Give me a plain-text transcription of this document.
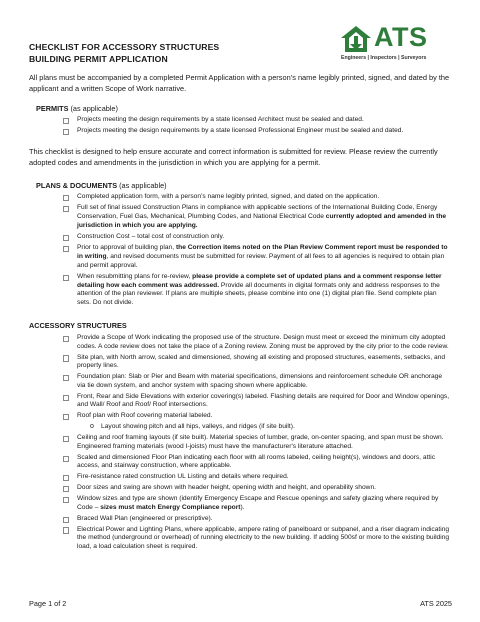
CHECKLIST FOR ACCESSORY STRUCTURES
BUILDING PERMIT APPLICATION
ATS
Engineers | Inspectors | Surveyors
All plans must be accompanied by a completed Permit Application with a person’s name legibly printed, signed, and dated by the applicant and a written Scope of Work narrative.
PERMITS (as applicable)
Projects meeting the design requirements by a state licensed Architect must be sealed and dated.
Projects meeting the design requirements by a state licensed Professional Engineer must be sealed and dated.
This checklist is designed to help ensure accurate and correct information is submitted for review. Please review the currently adopted codes and amendments in the jurisdiction in which you are applying for a permit.
PLANS & DOCUMENTS (as applicable)
Completed application form, with a person’s name legibly printed, signed, and dated on the application.
Full set of final issued Construction Plans in compliance with applicable sections of the International Building Code, Energy Conservation, Fuel Gas, Mechanical, Plumbing Codes, and National Electrical Code currently adopted and amended in the jurisdiction in which you are applying.
Construction Cost – total cost of construction only.
Prior to approval of building plan, the Correction items noted on the Plan Review Comment report must be responded to in writing, and revised documents must be submitted for review. Payment of all fees to all agencies is required to obtain plan and permit approval.
When resubmitting plans for re-review, please provide a complete set of updated plans and a comment response letter detailing how each comment was addressed. Provide all documents in digital formats only and address responses to the attention of the plan reviewer. If plans are multiple sheets, please combine into one (1) digital plan file. Send complete plan sets. Do not divide.
ACCESSORY STRUCTURES
Provide a Scope of Work indicating the proposed use of the structure. Design must meet or exceed the minimum city adopted codes. A code review does not take the place of a Zoning review. Zoning must be approved by the city prior to the code review.
Site plan, with North arrow, scaled and dimensioned, showing all existing and proposed structures, easements, setbacks, and property lines.
Foundation plan: Slab or Pier and Beam with material specifications, dimensions and reinforcement schedule OR anchorage via tie down system, and anchor system with spacing shown where applicable.
Front, Rear and Side Elevations with exterior covering(s) labeled. Flashing details are required for Door and Window openings, and Wall/ Roof and Roof/ Roof intersections.
Roof plan with Roof covering material labeled.
o Layout showing pitch and all hips, valleys, and ridges (if site built).
Ceiling and roof framing layouts (if site built). Material species of lumber, grade, on-center spacing, and span must be shown. Engineered framing materials (wood I-joists) must have the manufacturer's literature attached.
Scaled and dimensioned Floor Plan indicating each floor with all rooms labeled, ceiling height(s), windows and doors, attic access, and stairway construction, where applicable.
Fire-resistance rated construction UL Listing and details where required.
Door sizes and swing are shown with header height, opening width and height, and operability shown.
Window sizes and type are shown (identify Emergency Escape and Rescue openings and safety glazing where required by Code – sizes must match Energy Compliance report).
Braced Wall Plan (engineered or prescriptive).
Electrical Power and Lighting Plans, where applicable, ampere rating of panelboard or subpanel, and a riser diagram indicating the method (underground or overhead) of running electricity to the new building. If adding 500sf or more to the existing building load, a load calculation sheet is required.
Page 1 of 2	ATS 2025
